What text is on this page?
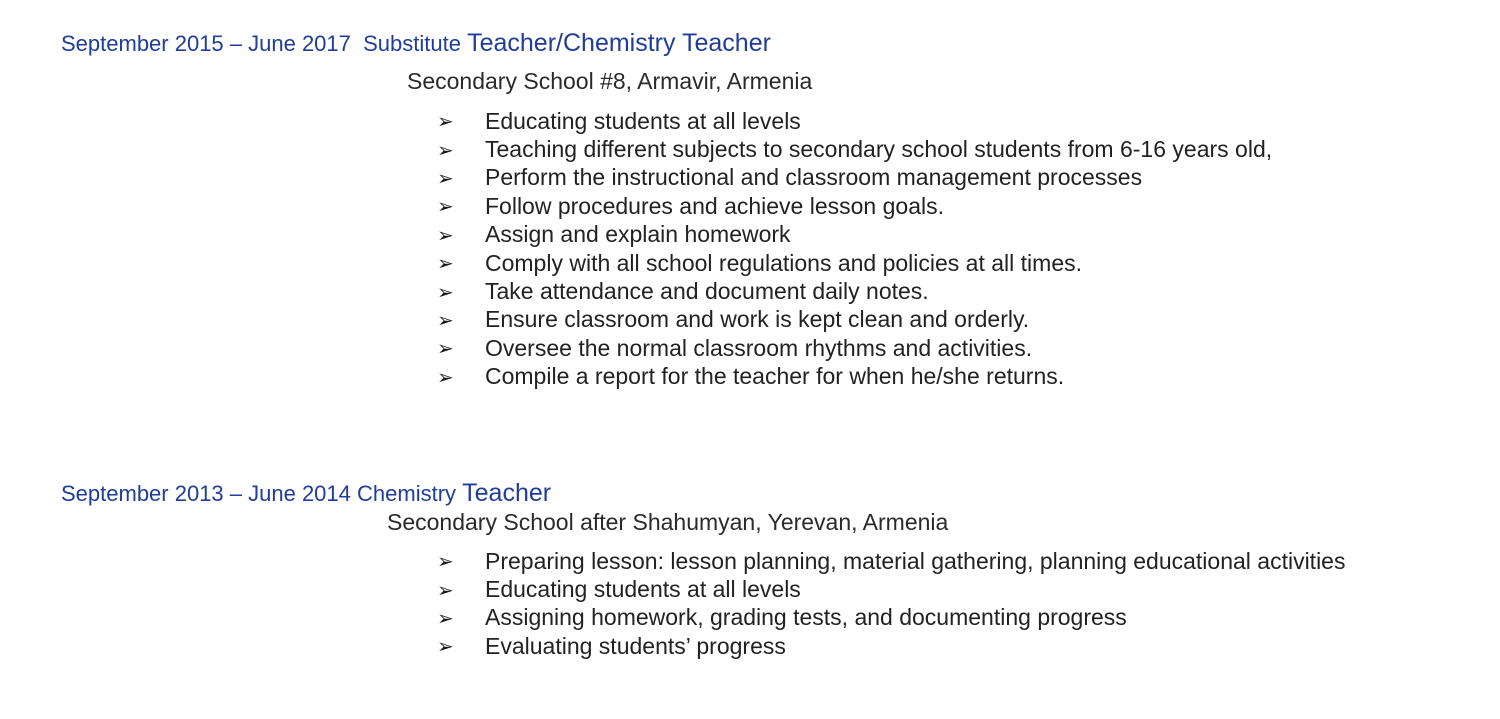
September 2015 – June 2017 Substitute Teacher/Chemistry Teacher
Secondary School #8, Armavir, Armenia
➢	Educating students at all levels
➢	Teaching different subjects to secondary school students from 6-16 years old,
➢	Perform the instructional and classroom management processes
➢	Follow procedures and achieve lesson goals.
➢	Assign and explain homework
➢	Comply with all school regulations and policies at all times.
➢	Take attendance and document daily notes.
➢	Ensure classroom and work is kept clean and orderly.
➢	Oversee the normal classroom rhythms and activities.
➢	Compile a report for the teacher for when he/she returns.
September 2013 – June 2014 Chemistry Teacher
Secondary School after Shahumyan, Yerevan, Armenia
➢	Preparing lesson: lesson planning, material gathering, planning educational activities
➢	Educating students at all levels
➢	Assigning homework, grading tests, and documenting progress
➢	Evaluating students’ progress
